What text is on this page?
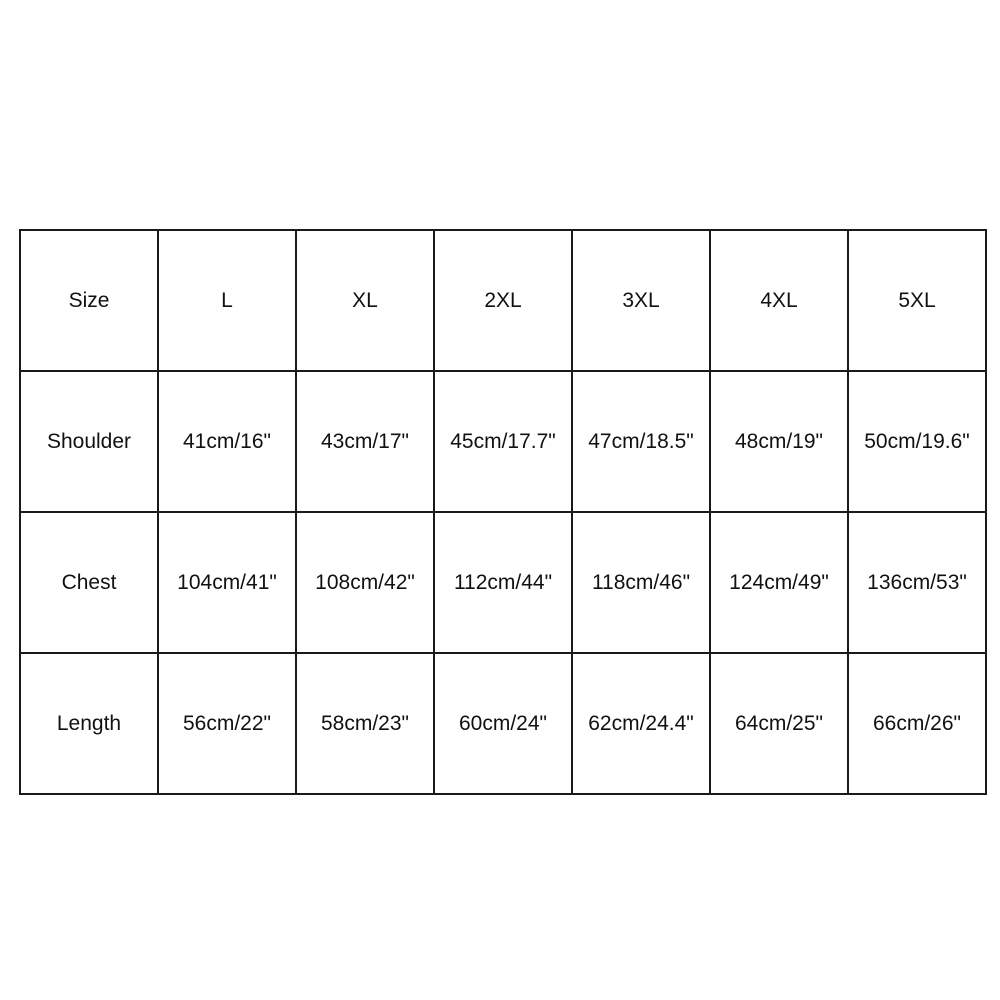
Size	L	XL	2XL	3XL	4XL	5XL
Shoulder	41cm/16"	43cm/17"	45cm/17.7"	47cm/18.5"	48cm/19"	50cm/19.6"
Chest	104cm/41"	108cm/42"	112cm/44"	118cm/46"	124cm/49"	136cm/53"
Length	56cm/22"	58cm/23"	60cm/24"	62cm/24.4"	64cm/25"	66cm/26"
